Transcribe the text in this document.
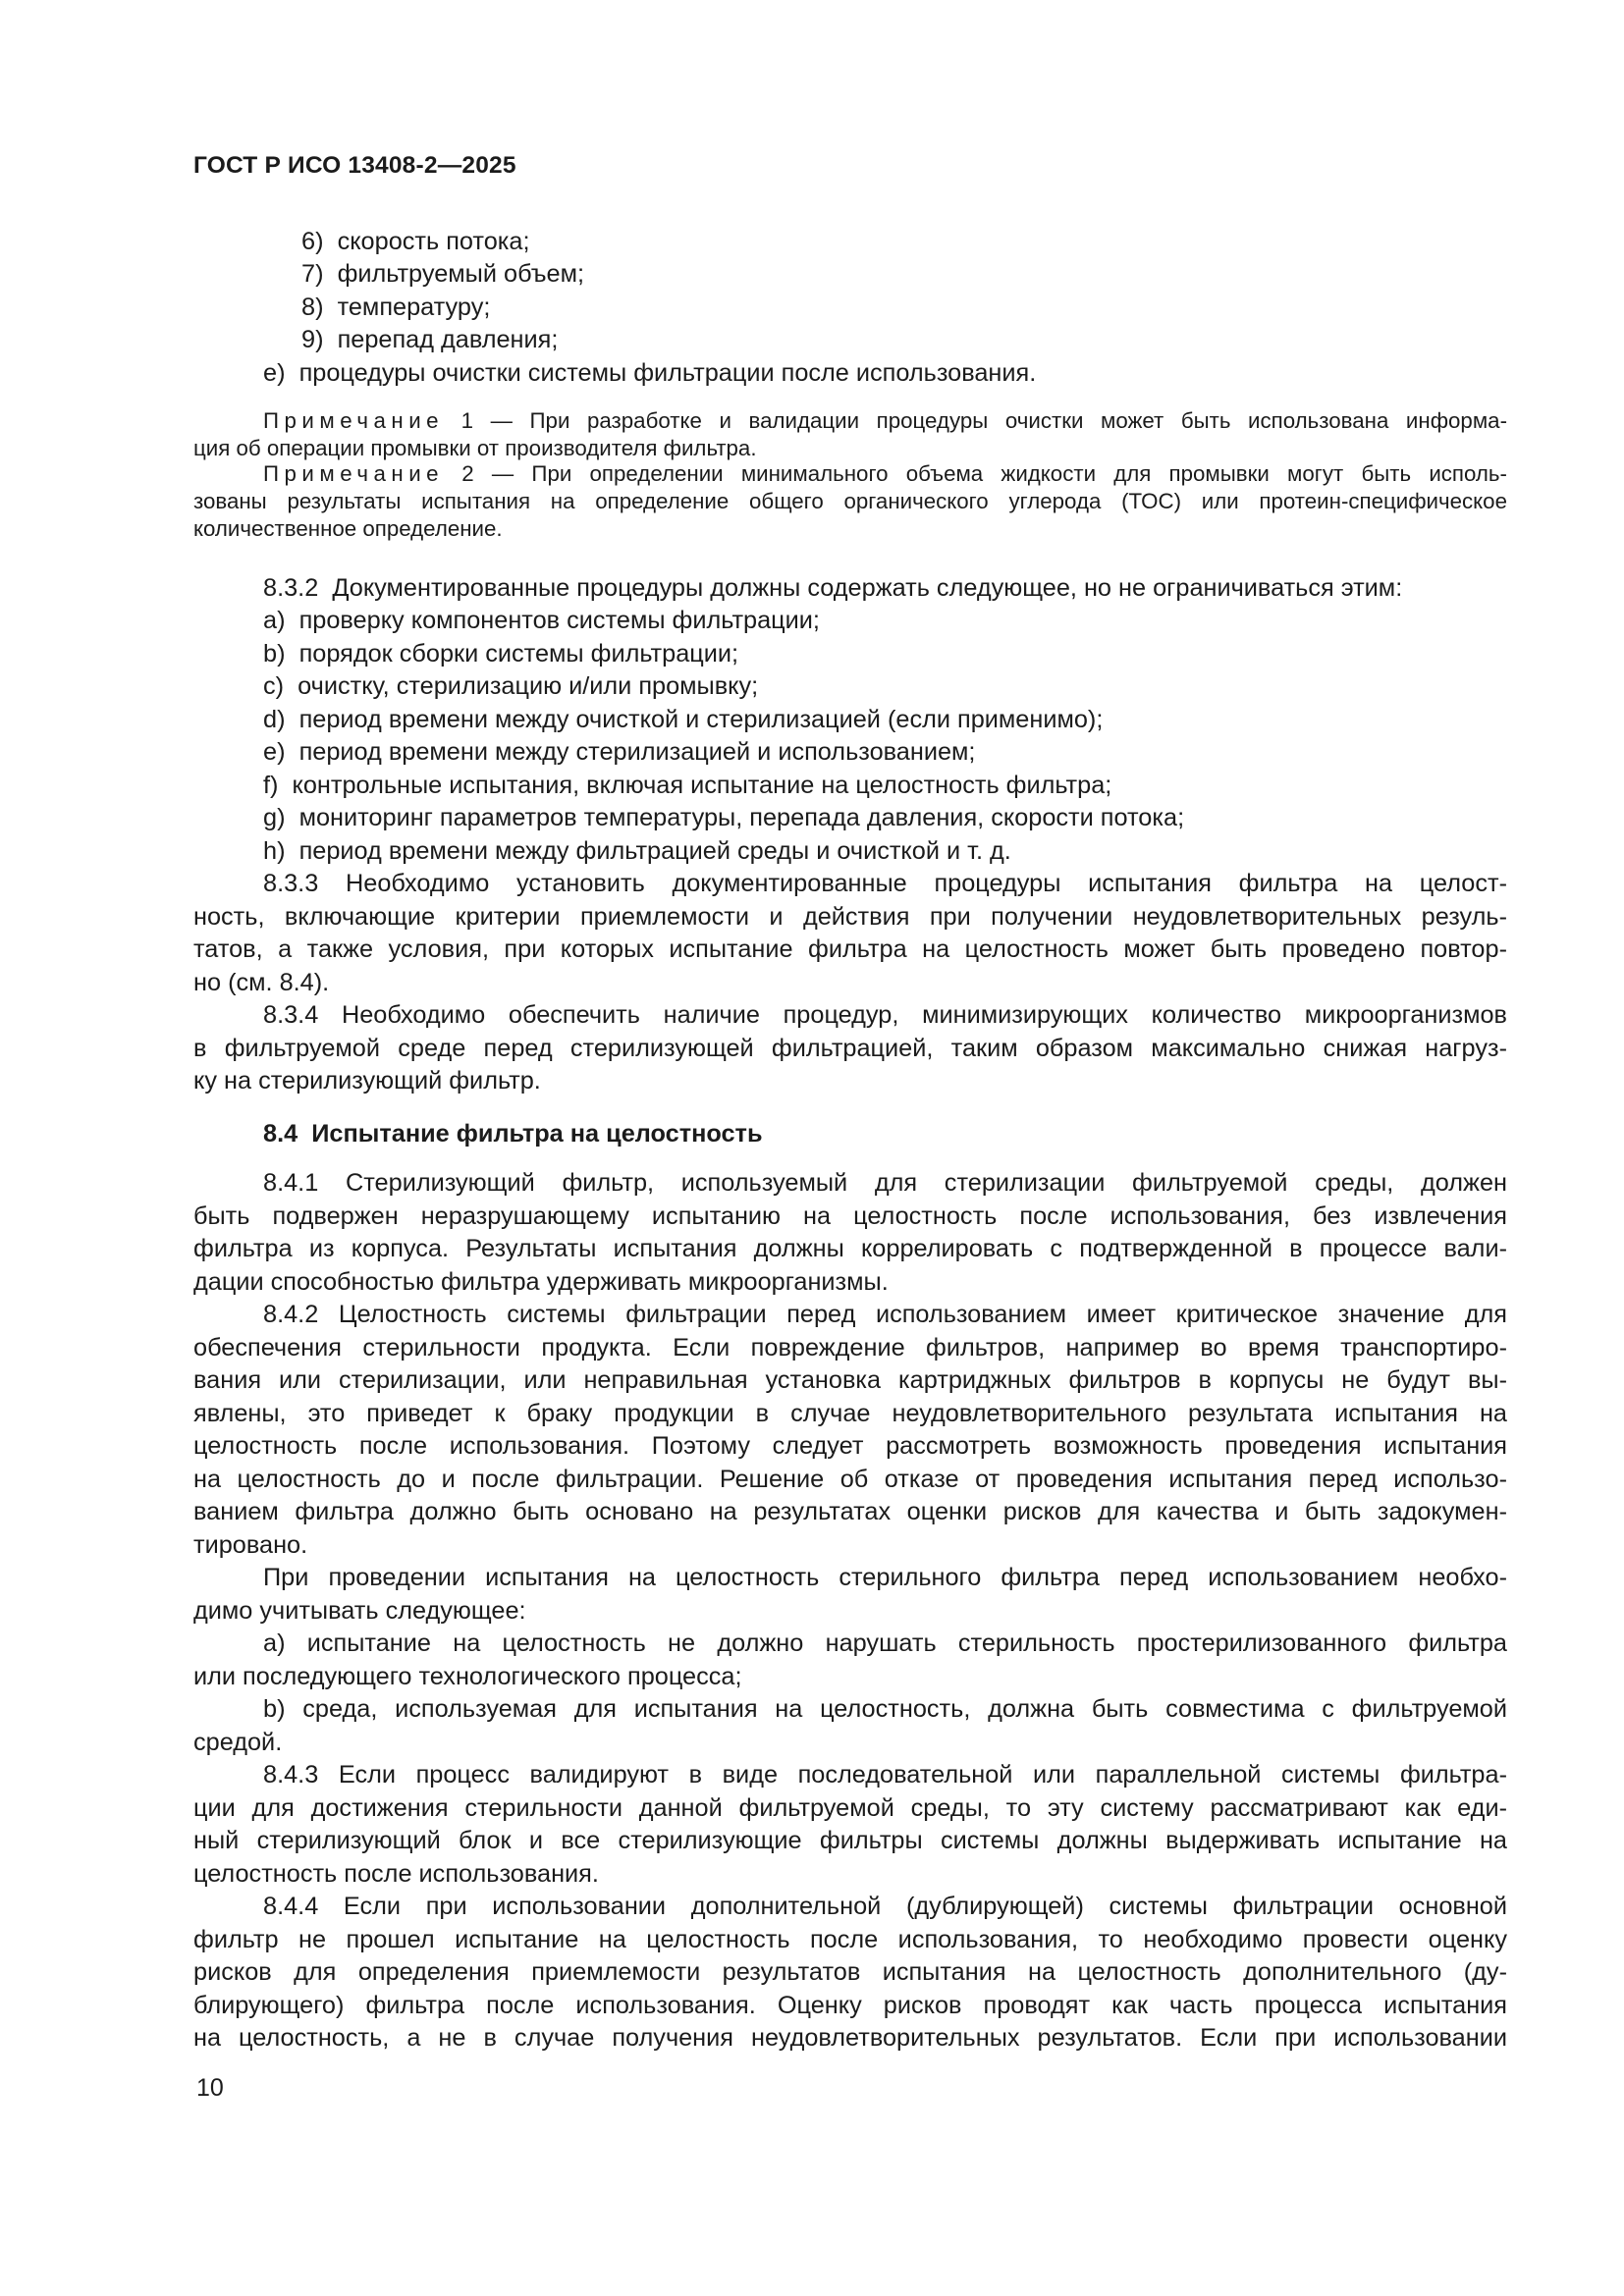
ГОСТ Р ИСО 13408-2—2025
6) скорость потока;
7) фильтруемый объем;
8) температуру;
9) перепад давления;
e) процедуры очистки системы фильтрации после использования.
Примечание 1 — При разработке и валидации процедуры очистки может быть использована информа-
ция об операции промывки от производителя фильтра.
Примечание 2 — При определении минимального объема жидкости для промывки могут быть исполь-
зованы результаты испытания на определение общего органического углерода (ТОС) или протеин-специфическое
количественное определение.
8.3.2 Документированные процедуры должны содержать следующее, но не ограничиваться этим:
a) проверку компонентов системы фильтрации;
b) порядок сборки системы фильтрации;
c) очистку, стерилизацию и/или промывку;
d) период времени между очисткой и стерилизацией (если применимо);
e) период времени между стерилизацией и использованием;
f) контрольные испытания, включая испытание на целостность фильтра;
g) мониторинг параметров температуры, перепада давления, скорости потока;
h) период времени между фильтрацией среды и очисткой и т. д.
8.3.3 Необходимо установить документированные процедуры испытания фильтра на целост-
ность, включающие критерии приемлемости и действия при получении неудовлетворительных резуль-
татов, а также условия, при которых испытание фильтра на целостность может быть проведено повтор-
но (см. 8.4).
8.3.4 Необходимо обеспечить наличие процедур, минимизирующих количество микроорганизмов
в фильтруемой среде перед стерилизующей фильтрацией, таким образом максимально снижая нагруз-
ку на стерилизующий фильтр.
8.4 Испытание фильтра на целостность
8.4.1 Стерилизующий фильтр, используемый для стерилизации фильтруемой среды, должен
быть подвержен неразрушающему испытанию на целостность после использования, без извлечения
фильтра из корпуса. Результаты испытания должны коррелировать с подтвержденной в процессе вали-
дации способностью фильтра удерживать микроорганизмы.
8.4.2 Целостность системы фильтрации перед использованием имеет критическое значение для
обеспечения стерильности продукта. Если повреждение фильтров, например во время транспортиро-
вания или стерилизации, или неправильная установка картриджных фильтров в корпусы не будут вы-
явлены, это приведет к браку продукции в случае неудовлетворительного результата испытания на
целостность после использования. Поэтому следует рассмотреть возможность проведения испытания
на целостность до и после фильтрации. Решение об отказе от проведения испытания перед использо-
ванием фильтра должно быть основано на результатах оценки рисков для качества и быть задокумен-
тировано.
При проведении испытания на целостность стерильного фильтра перед использованием необхо-
димо учитывать следующее:
a) испытание на целостность не должно нарушать стерильность простерилизованного фильтра
или последующего технологического процесса;
b) среда, используемая для испытания на целостность, должна быть совместима с фильтруемой
средой.
8.4.3 Если процесс валидируют в виде последовательной или параллельной системы фильтра-
ции для достижения стерильности данной фильтруемой среды, то эту систему рассматривают как еди-
ный стерилизующий блок и все стерилизующие фильтры системы должны выдерживать испытание на
целостность после использования.
8.4.4 Если при использовании дополнительной (дублирующей) системы фильтрации основной
фильтр не прошел испытание на целостность после использования, то необходимо провести оценку
рисков для определения приемлемости результатов испытания на целостность дополнительного (ду-
блирующего) фильтра после использования. Оценку рисков проводят как часть процесса испытания
на целостность, а не в случае получения неудовлетворительных результатов. Если при использовании
10
